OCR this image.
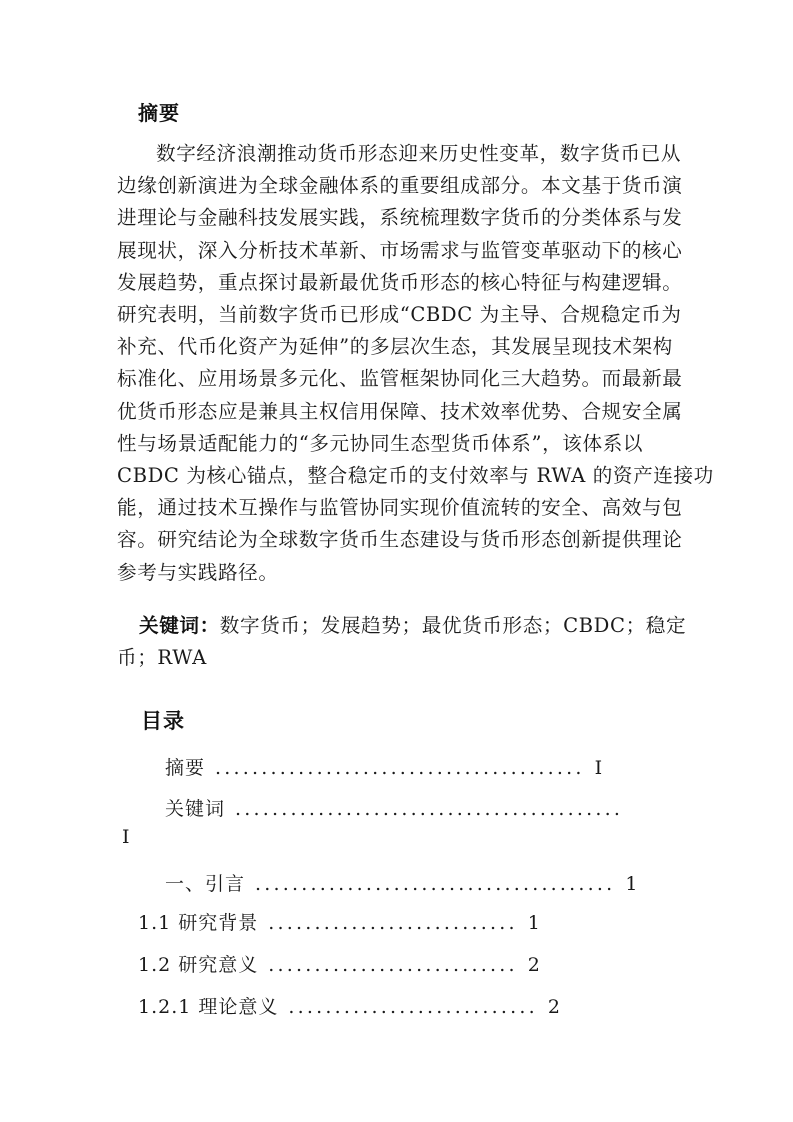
摘要
数字经济浪潮推动货币形态迎来历史性变革，数字货币已从
边缘创新演进为全球金融体系的重要组成部分。本文基于货币演
进理论与金融科技发展实践，系统梳理数字货币的分类体系与发
展现状，深入分析技术革新、市场需求与监管变革驱动下的核心
发展趋势，重点探讨最新最优货币形态的核心特征与构建逻辑。
研究表明，当前数字货币已形成“CBDC 为主导、合规稳定币为
补充、代币化资产为延伸”的多层次生态，其发展呈现技术架构
标准化、应用场景多元化、监管框架协同化三大趋势。而最新最
优货币形态应是兼具主权信用保障、技术效率优势、合规安全属
性与场景适配能力的“多元协同生态型货币体系”，该体系以
CBDC 为核心锚点，整合稳定币的支付效率与 RWA 的资产连接功
能，通过技术互操作与监管协同实现价值流转的安全、高效与包
容。研究结论为全球数字货币生态建设与货币形态创新提供理论
参考与实践路径。
关键词：数字货币；发展趋势；最优货币形态；CBDC；稳定
币；RWA
目录
摘要 ........................................ I
关键词 ..........................................
I
一、引言 ....................................... 1
1.1 研究背景 ........................... 1
1.2 研究意义 ........................... 2
1.2.1 理论意义 ........................... 2
